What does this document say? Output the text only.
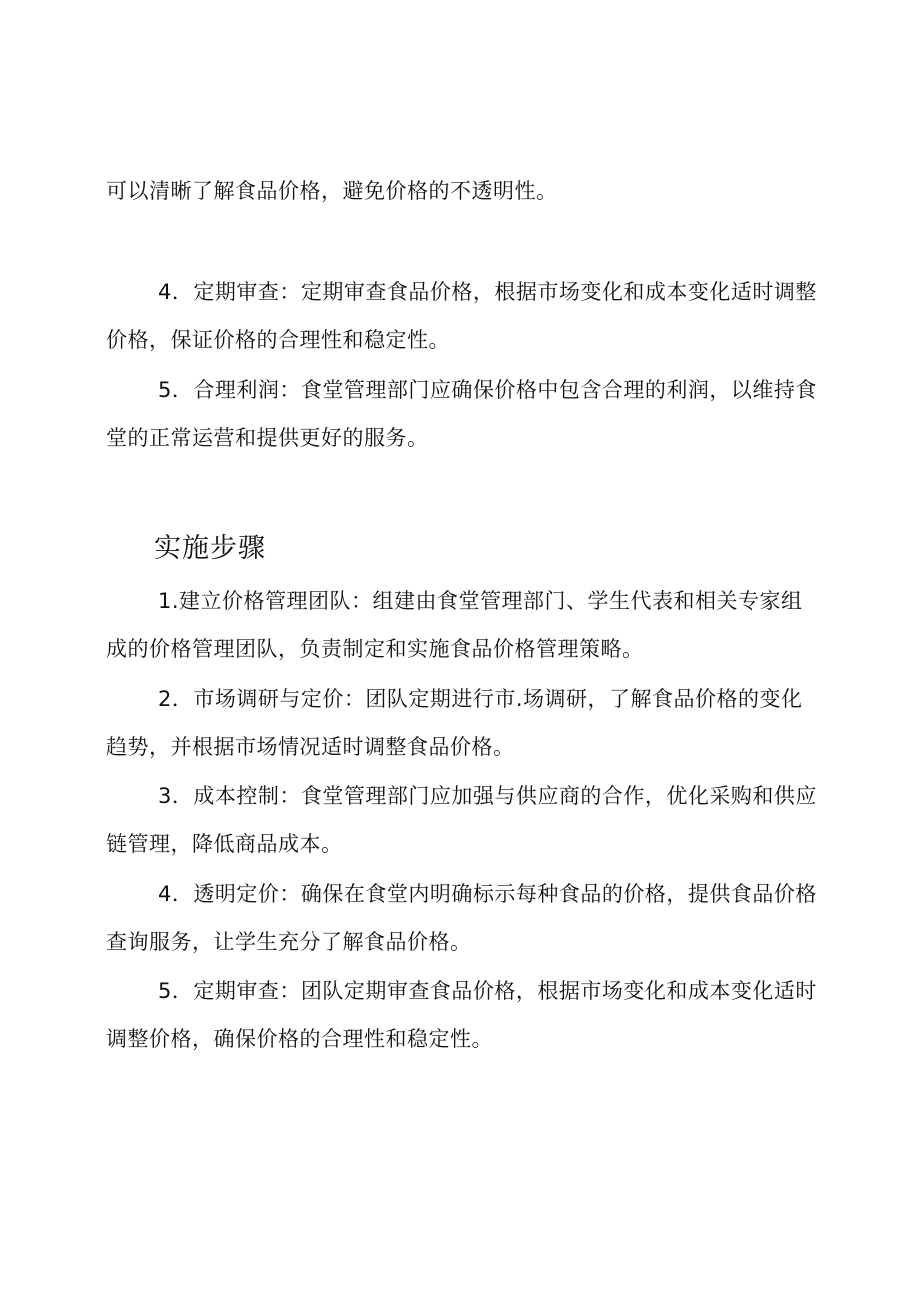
可以清晰了解食品价格，避免价格的不透明性。

4．定期审查：定期审查食品价格，根据市场变化和成本变化适时调整价格，保证价格的合理性和稳定性。

5．合理利润：食堂管理部门应确保价格中包含合理的利润，以维持食堂的正常运营和提供更好的服务。

实施步骤

1.建立价格管理团队：组建由食堂管理部门、学生代表和相关专家组成的价格管理团队，负责制定和实施食品价格管理策略。

2．市场调研与定价：团队定期进行市.场调研，了解食品价格的变化趋势，并根据市场情况适时调整食品价格。

3．成本控制：食堂管理部门应加强与供应商的合作，优化采购和供应链管理，降低商品成本。

4．透明定价：确保在食堂内明确标示每种食品的价格，提供食品价格查询服务，让学生充分了解食品价格。

5．定期审查：团队定期审查食品价格，根据市场变化和成本变化适时调整价格，确保价格的合理性和稳定性。
